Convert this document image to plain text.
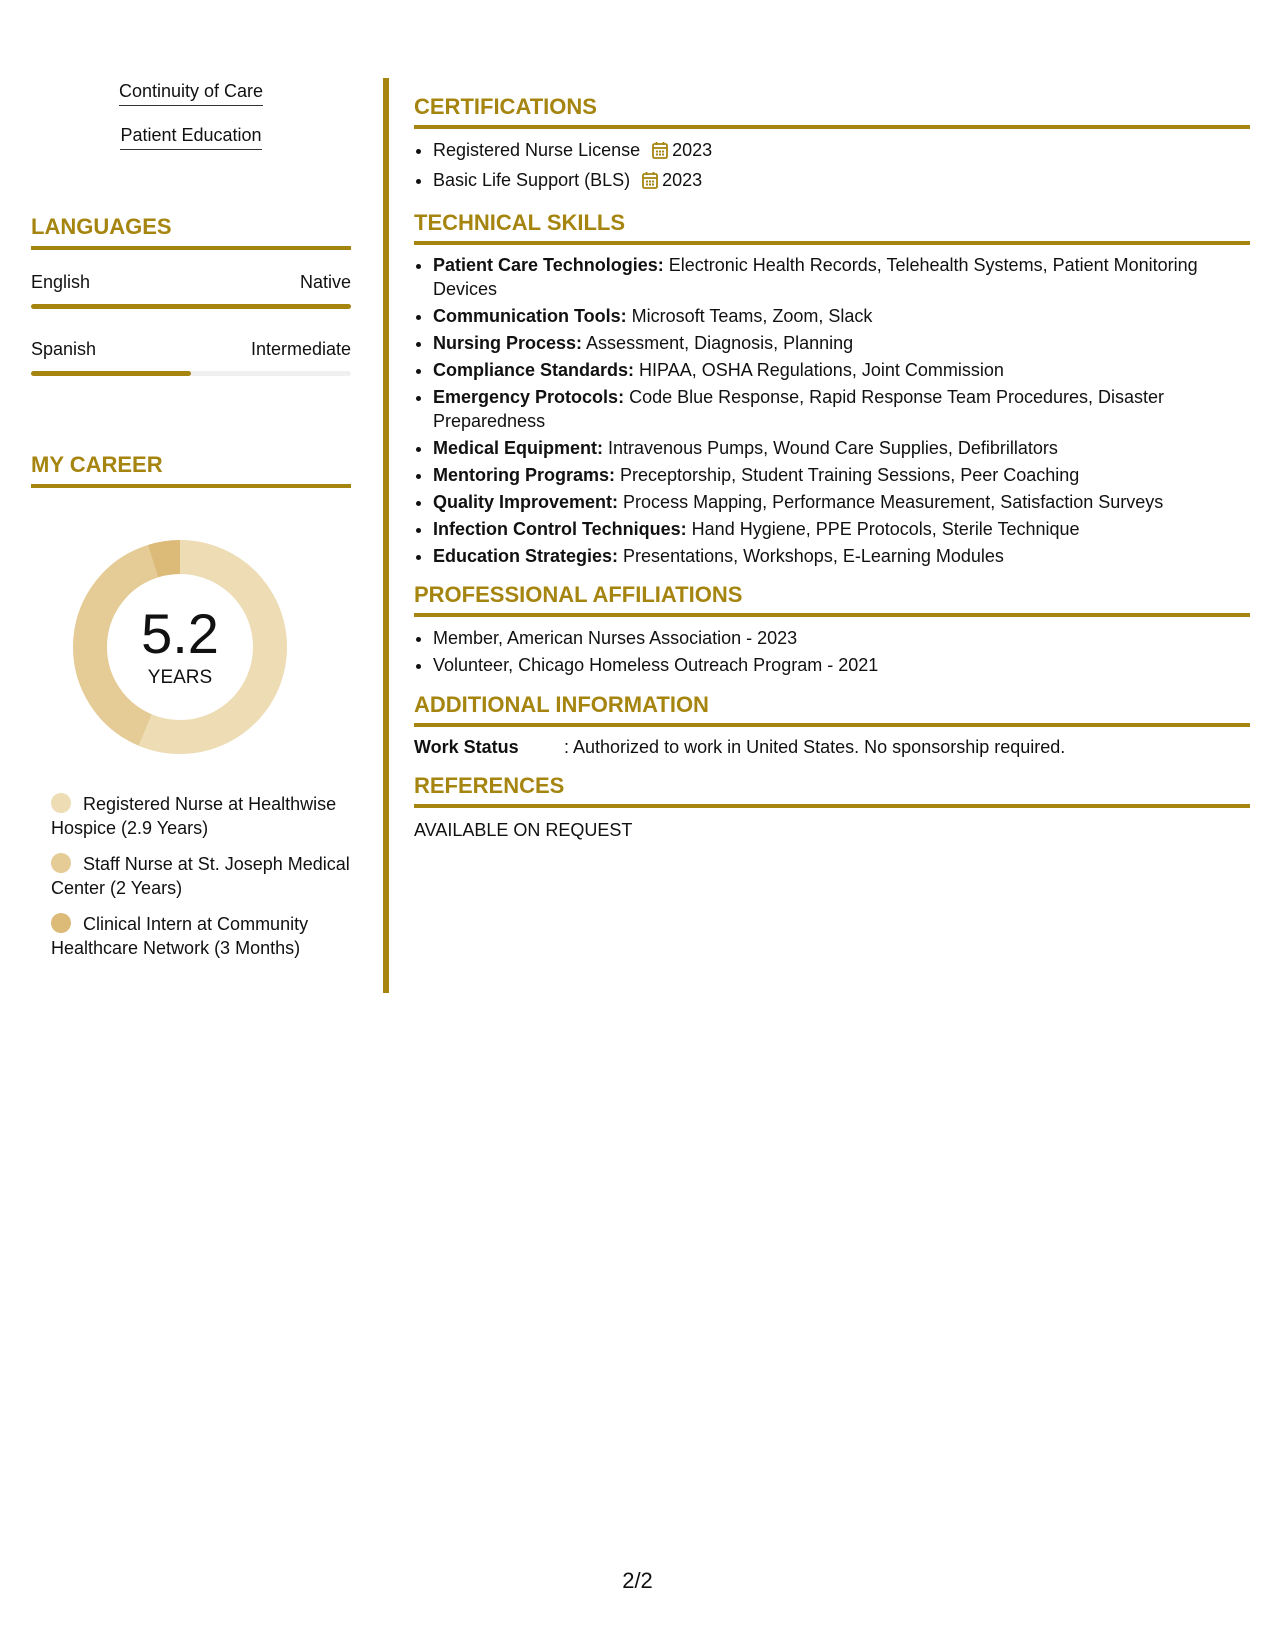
Continuity of Care
Patient Education
LANGUAGES
English	Native
Spanish	Intermediate
MY CAREER
5.2
YEARS
Registered Nurse at Healthwise Hospice (2.9 Years)
Staff Nurse at St. Joseph Medical Center (2 Years)
Clinical Intern at Community Healthcare Network (3 Months)
CERTIFICATIONS
• Registered Nurse License 2023
• Basic Life Support (BLS) 2023
TECHNICAL SKILLS
• Patient Care Technologies: Electronic Health Records, Telehealth Systems, Patient Monitoring Devices
• Communication Tools: Microsoft Teams, Zoom, Slack
• Nursing Process: Assessment, Diagnosis, Planning
• Compliance Standards: HIPAA, OSHA Regulations, Joint Commission
• Emergency Protocols: Code Blue Response, Rapid Response Team Procedures, Disaster Preparedness
• Medical Equipment: Intravenous Pumps, Wound Care Supplies, Defibrillators
• Mentoring Programs: Preceptorship, Student Training Sessions, Peer Coaching
• Quality Improvement: Process Mapping, Performance Measurement, Satisfaction Surveys
• Infection Control Techniques: Hand Hygiene, PPE Protocols, Sterile Technique
• Education Strategies: Presentations, Workshops, E-Learning Modules
PROFESSIONAL AFFILIATIONS
• Member, American Nurses Association - 2023
• Volunteer, Chicago Homeless Outreach Program - 2021
ADDITIONAL INFORMATION
Work Status	: Authorized to work in United States. No sponsorship required.
REFERENCES
AVAILABLE ON REQUEST
2/2
